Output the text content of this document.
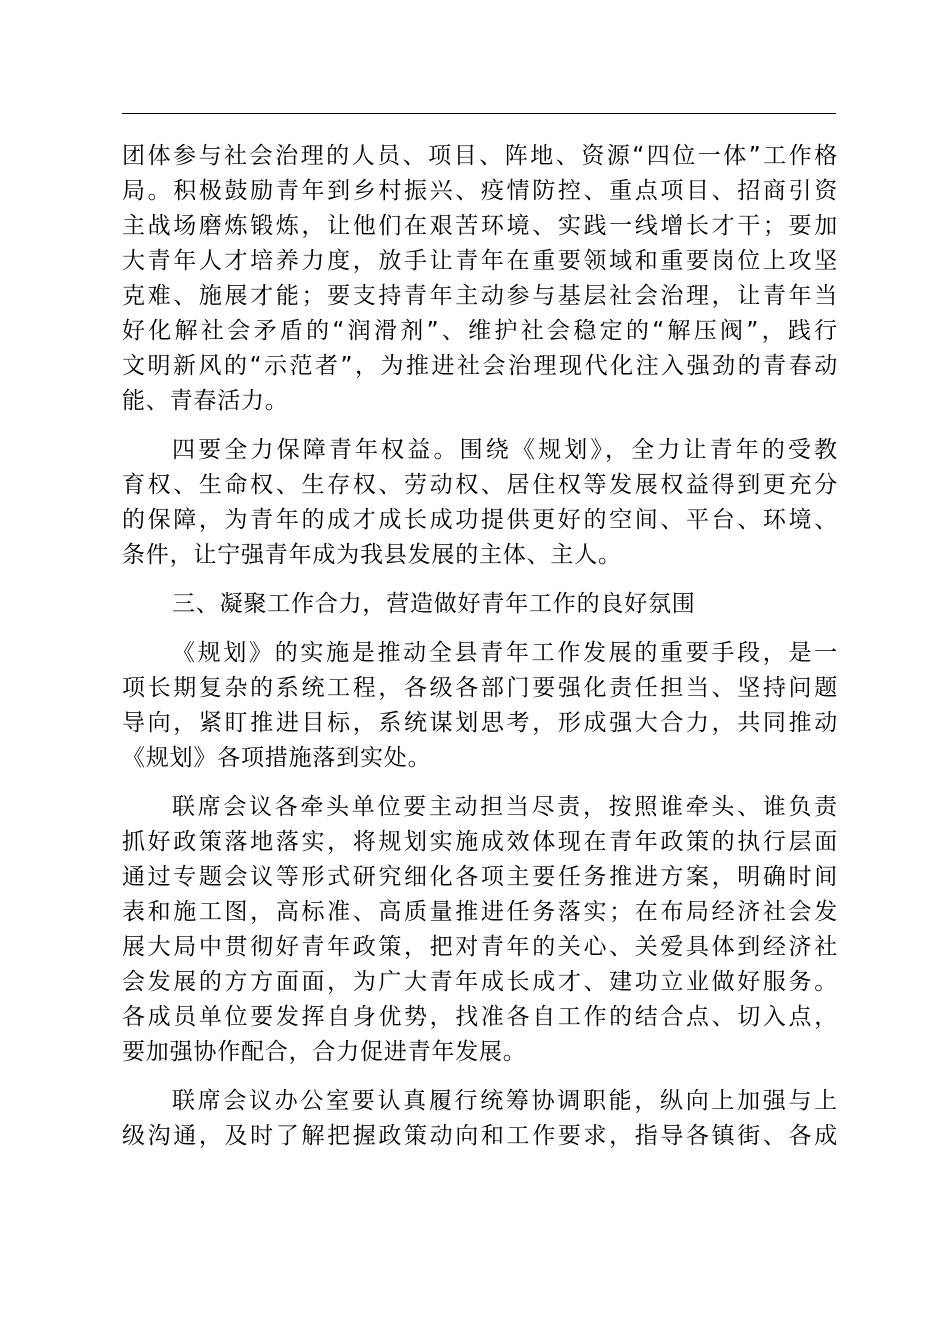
团体参与社会治理的人员、项目、阵地、资源“四位一体”工作格
局。积极鼓励青年到乡村振兴、疫情防控、重点项目、招商引资
主战场磨炼锻炼，让他们在艰苦环境、实践一线增长才干；要加
大青年人才培养力度，放手让青年在重要领域和重要岗位上攻坚
克难、施展才能；要支持青年主动参与基层社会治理，让青年当
好化解社会矛盾的“润滑剂”、维护社会稳定的“解压阀”，践行
文明新风的“示范者”，为推进社会治理现代化注入强劲的青春动
能、青春活力。

四要全力保障青年权益。围绕《规划》，全力让青年的受教
育权、生命权、生存权、劳动权、居住权等发展权益得到更充分
的保障，为青年的成才成长成功提供更好的空间、平台、环境、
条件，让宁强青年成为我县发展的主体、主人。

三、凝聚工作合力，营造做好青年工作的良好氛围

《规划》的实施是推动全县青年工作发展的重要手段，是一
项长期复杂的系统工程，各级各部门要强化责任担当、坚持问题
导向，紧盯推进目标，系统谋划思考，形成强大合力，共同推动
《规划》各项措施落到实处。

联席会议各牵头单位要主动担当尽责，按照谁牵头、谁负责
抓好政策落地落实，将规划实施成效体现在青年政策的执行层面
通过专题会议等形式研究细化各项主要任务推进方案，明确时间
表和施工图，高标准、高质量推进任务落实；在布局经济社会发
展大局中贯彻好青年政策，把对青年的关心、关爱具体到经济社
会发展的方方面面，为广大青年成长成才、建功立业做好服务。
各成员单位要发挥自身优势，找准各自工作的结合点、切入点，
要加强协作配合，合力促进青年发展。

联席会议办公室要认真履行统筹协调职能，纵向上加强与上
级沟通，及时了解把握政策动向和工作要求，指导各镇街、各成
